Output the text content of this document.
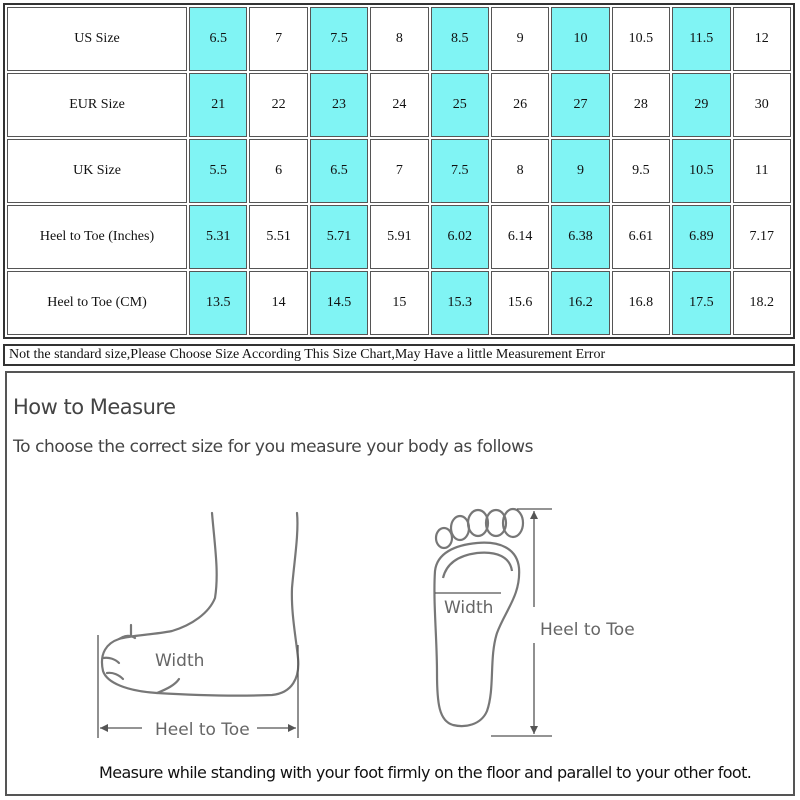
US Size	6.5	7	7.5	8	8.5	9	10	10.5	11.5	12
EUR Size	21	22	23	24	25	26	27	28	29	30
UK Size	5.5	6	6.5	7	7.5	8	9	9.5	10.5	11
Heel to Toe (Inches)	5.31	5.51	5.71	5.91	6.02	6.14	6.38	6.61	6.89	7.17
Heel to Toe (CM)	13.5	14	14.5	15	15.3	15.6	16.2	16.8	17.5	18.2
Not the standard size,Please Choose Size According This Size Chart,May Have a little Measurement Error
How to Measure
To choose the correct size for you measure your body as follows
Width
Heel to Toe
Width
Heel to Toe
Measure while standing with your foot firmly on the floor and parallel to your other foot.
